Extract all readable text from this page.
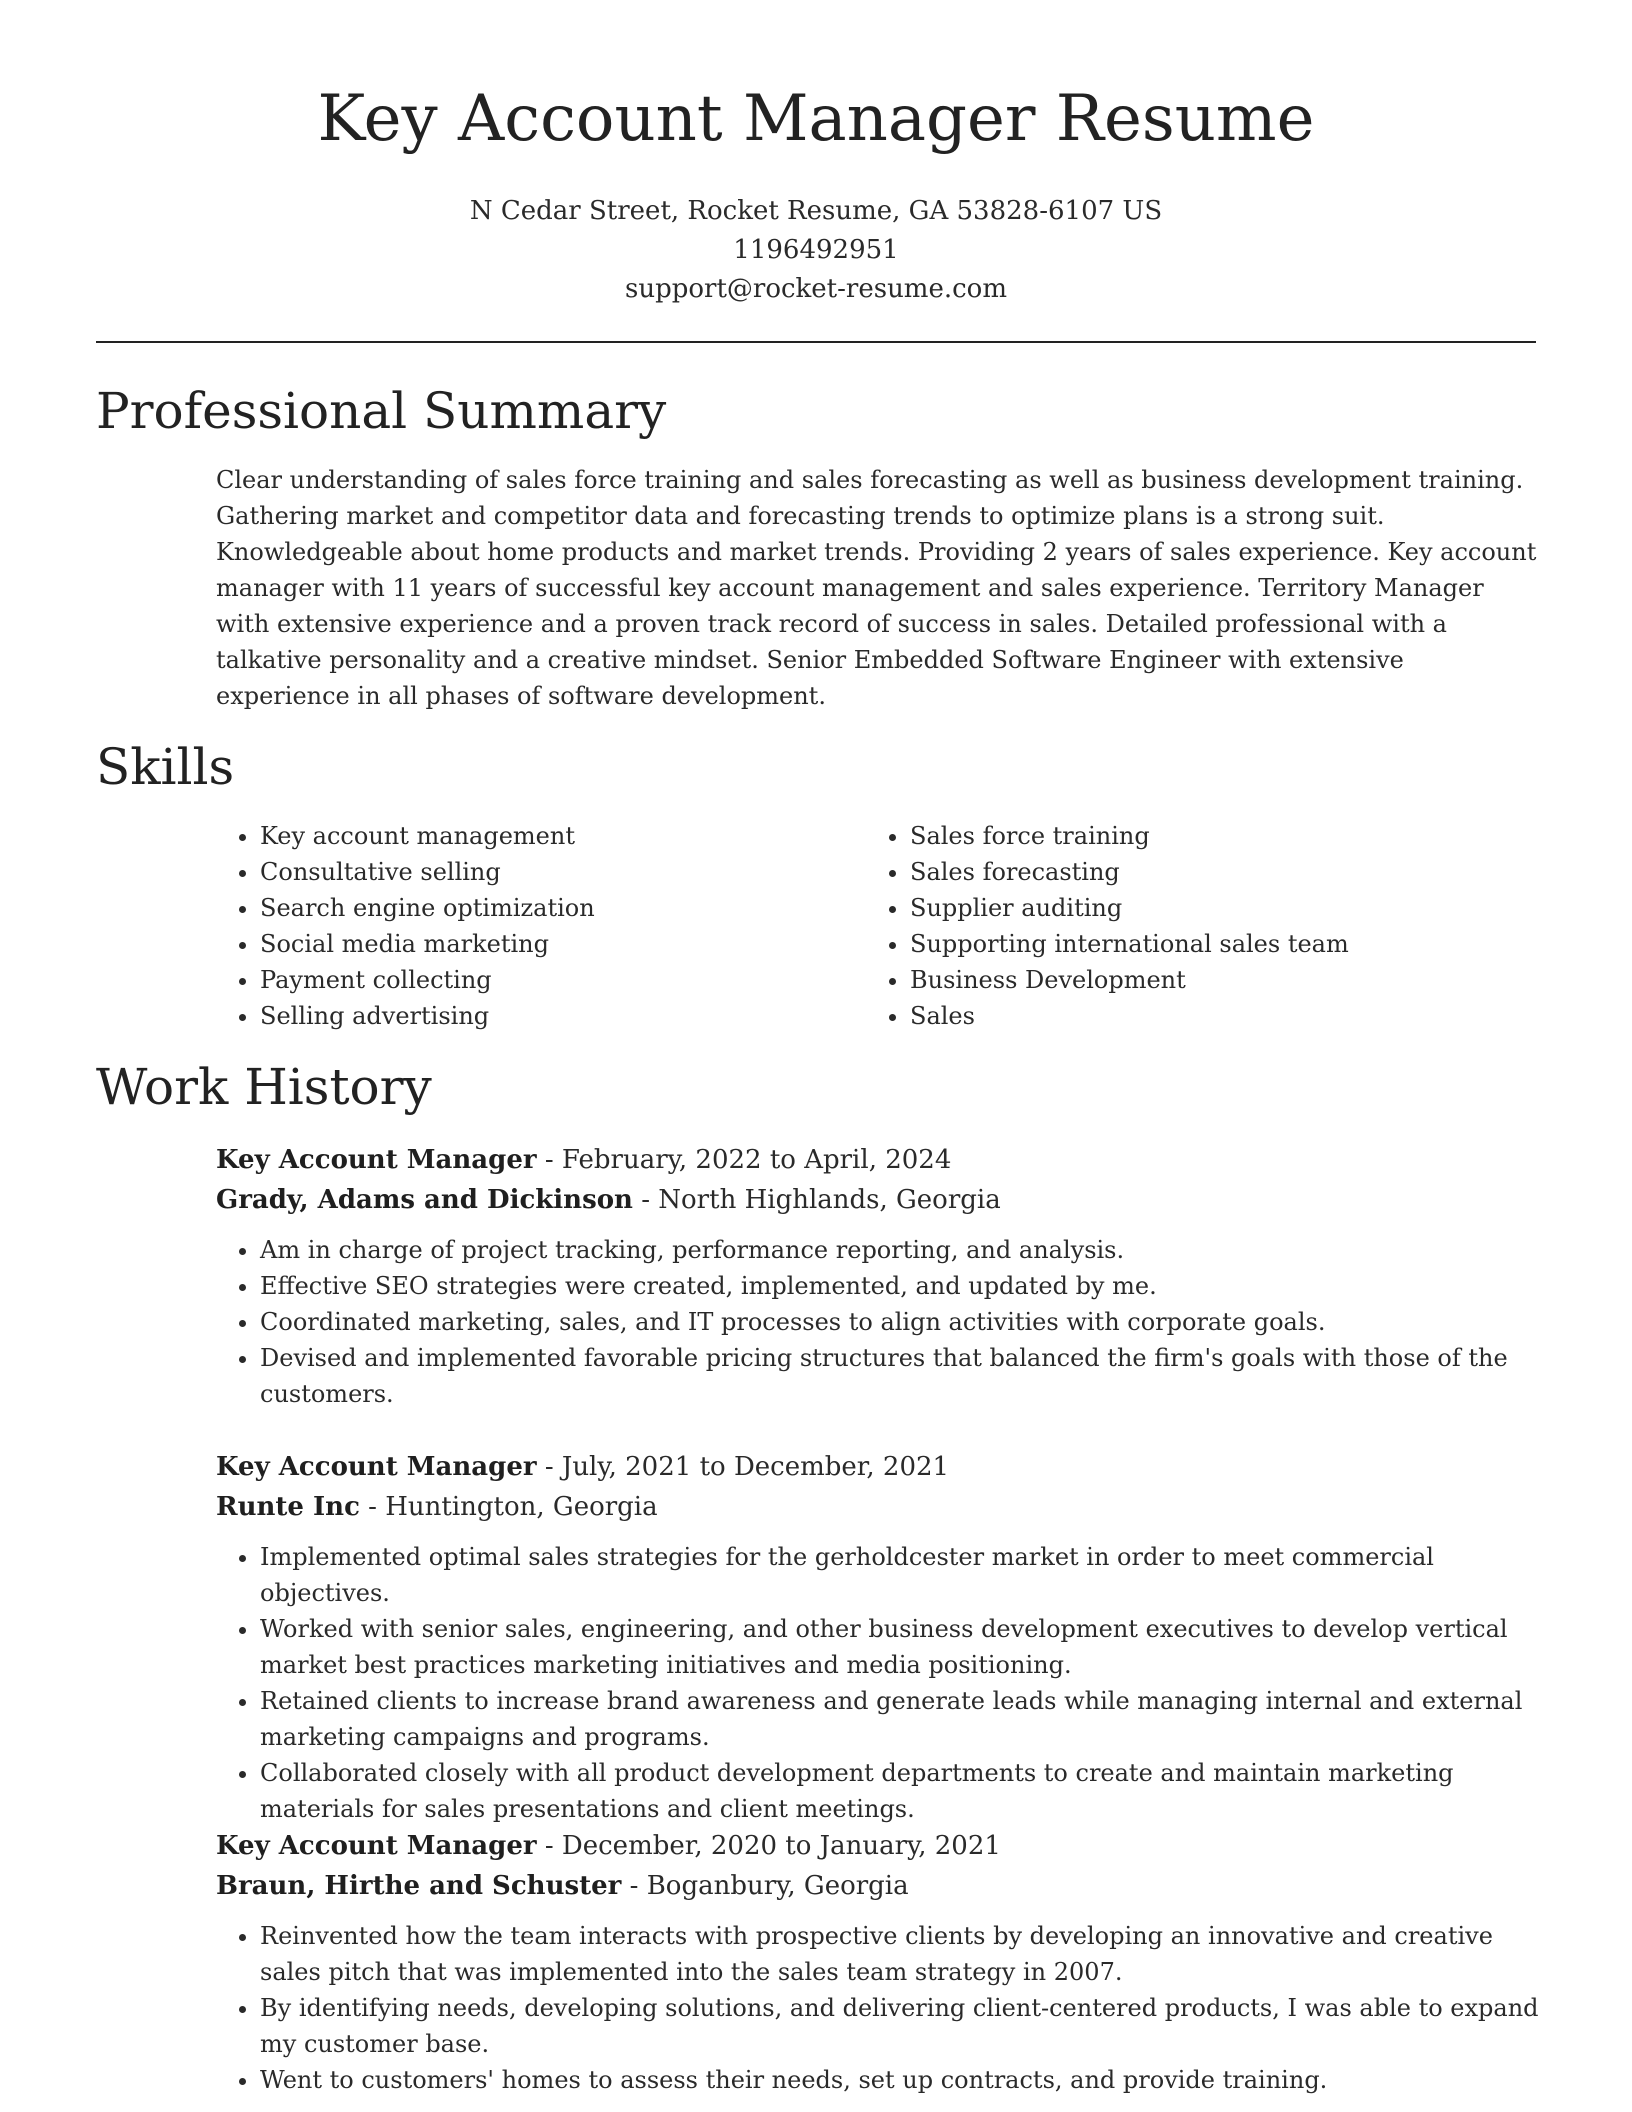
Key Account Manager Resume
N Cedar Street, Rocket Resume, GA 53828-6107 US
1196492951
support@rocket-resume.com
Professional Summary

Clear understanding of sales force training and sales forecasting as well as business development training. Gathering market and competitor data and forecasting trends to optimize plans is a strong suit. Knowledgeable about home products and market trends. Providing 2 years of sales experience. Key account manager with 11 years of successful key account management and sales experience. Territory Manager with extensive experience and a proven track record of success in sales. Detailed professional with a talkative personality and a creative mindset. Senior Embedded Software Engineer with extensive experience in all phases of software development.

Skills
• Key account management
• Consultative selling
• Search engine optimization
• Social media marketing
• Payment collecting
• Selling advertising
• Sales force training
• Sales forecasting
• Supplier auditing
• Supporting international sales team
• Business Development
• Sales
Work History
Key Account Manager - February, 2022 to April, 2024
Grady, Adams and Dickinson - North Highlands, Georgia
• Am in charge of project tracking, performance reporting, and analysis.
• Effective SEO strategies were created, implemented, and updated by me.
• Coordinated marketing, sales, and IT processes to align activities with corporate goals.
• Devised and implemented favorable pricing structures that balanced the firm's goals with those of the customers.
Key Account Manager - July, 2021 to December, 2021
Runte Inc - Huntington, Georgia
• Implemented optimal sales strategies for the gerholdcester market in order to meet commercial objectives.
• Worked with senior sales, engineering, and other business development executives to develop vertical market best practices marketing initiatives and media positioning.
• Retained clients to increase brand awareness and generate leads while managing internal and external marketing campaigns and programs.
• Collaborated closely with all product development departments to create and maintain marketing materials for sales presentations and client meetings.
Key Account Manager - December, 2020 to January, 2021
Braun, Hirthe and Schuster - Boganbury, Georgia
• Reinvented how the team interacts with prospective clients by developing an innovative and creative sales pitch that was implemented into the sales team strategy in 2007.
• By identifying needs, developing solutions, and delivering client-centered products, I was able to expand my customer base.
• Went to customers' homes to assess their needs, set up contracts, and provide training.
